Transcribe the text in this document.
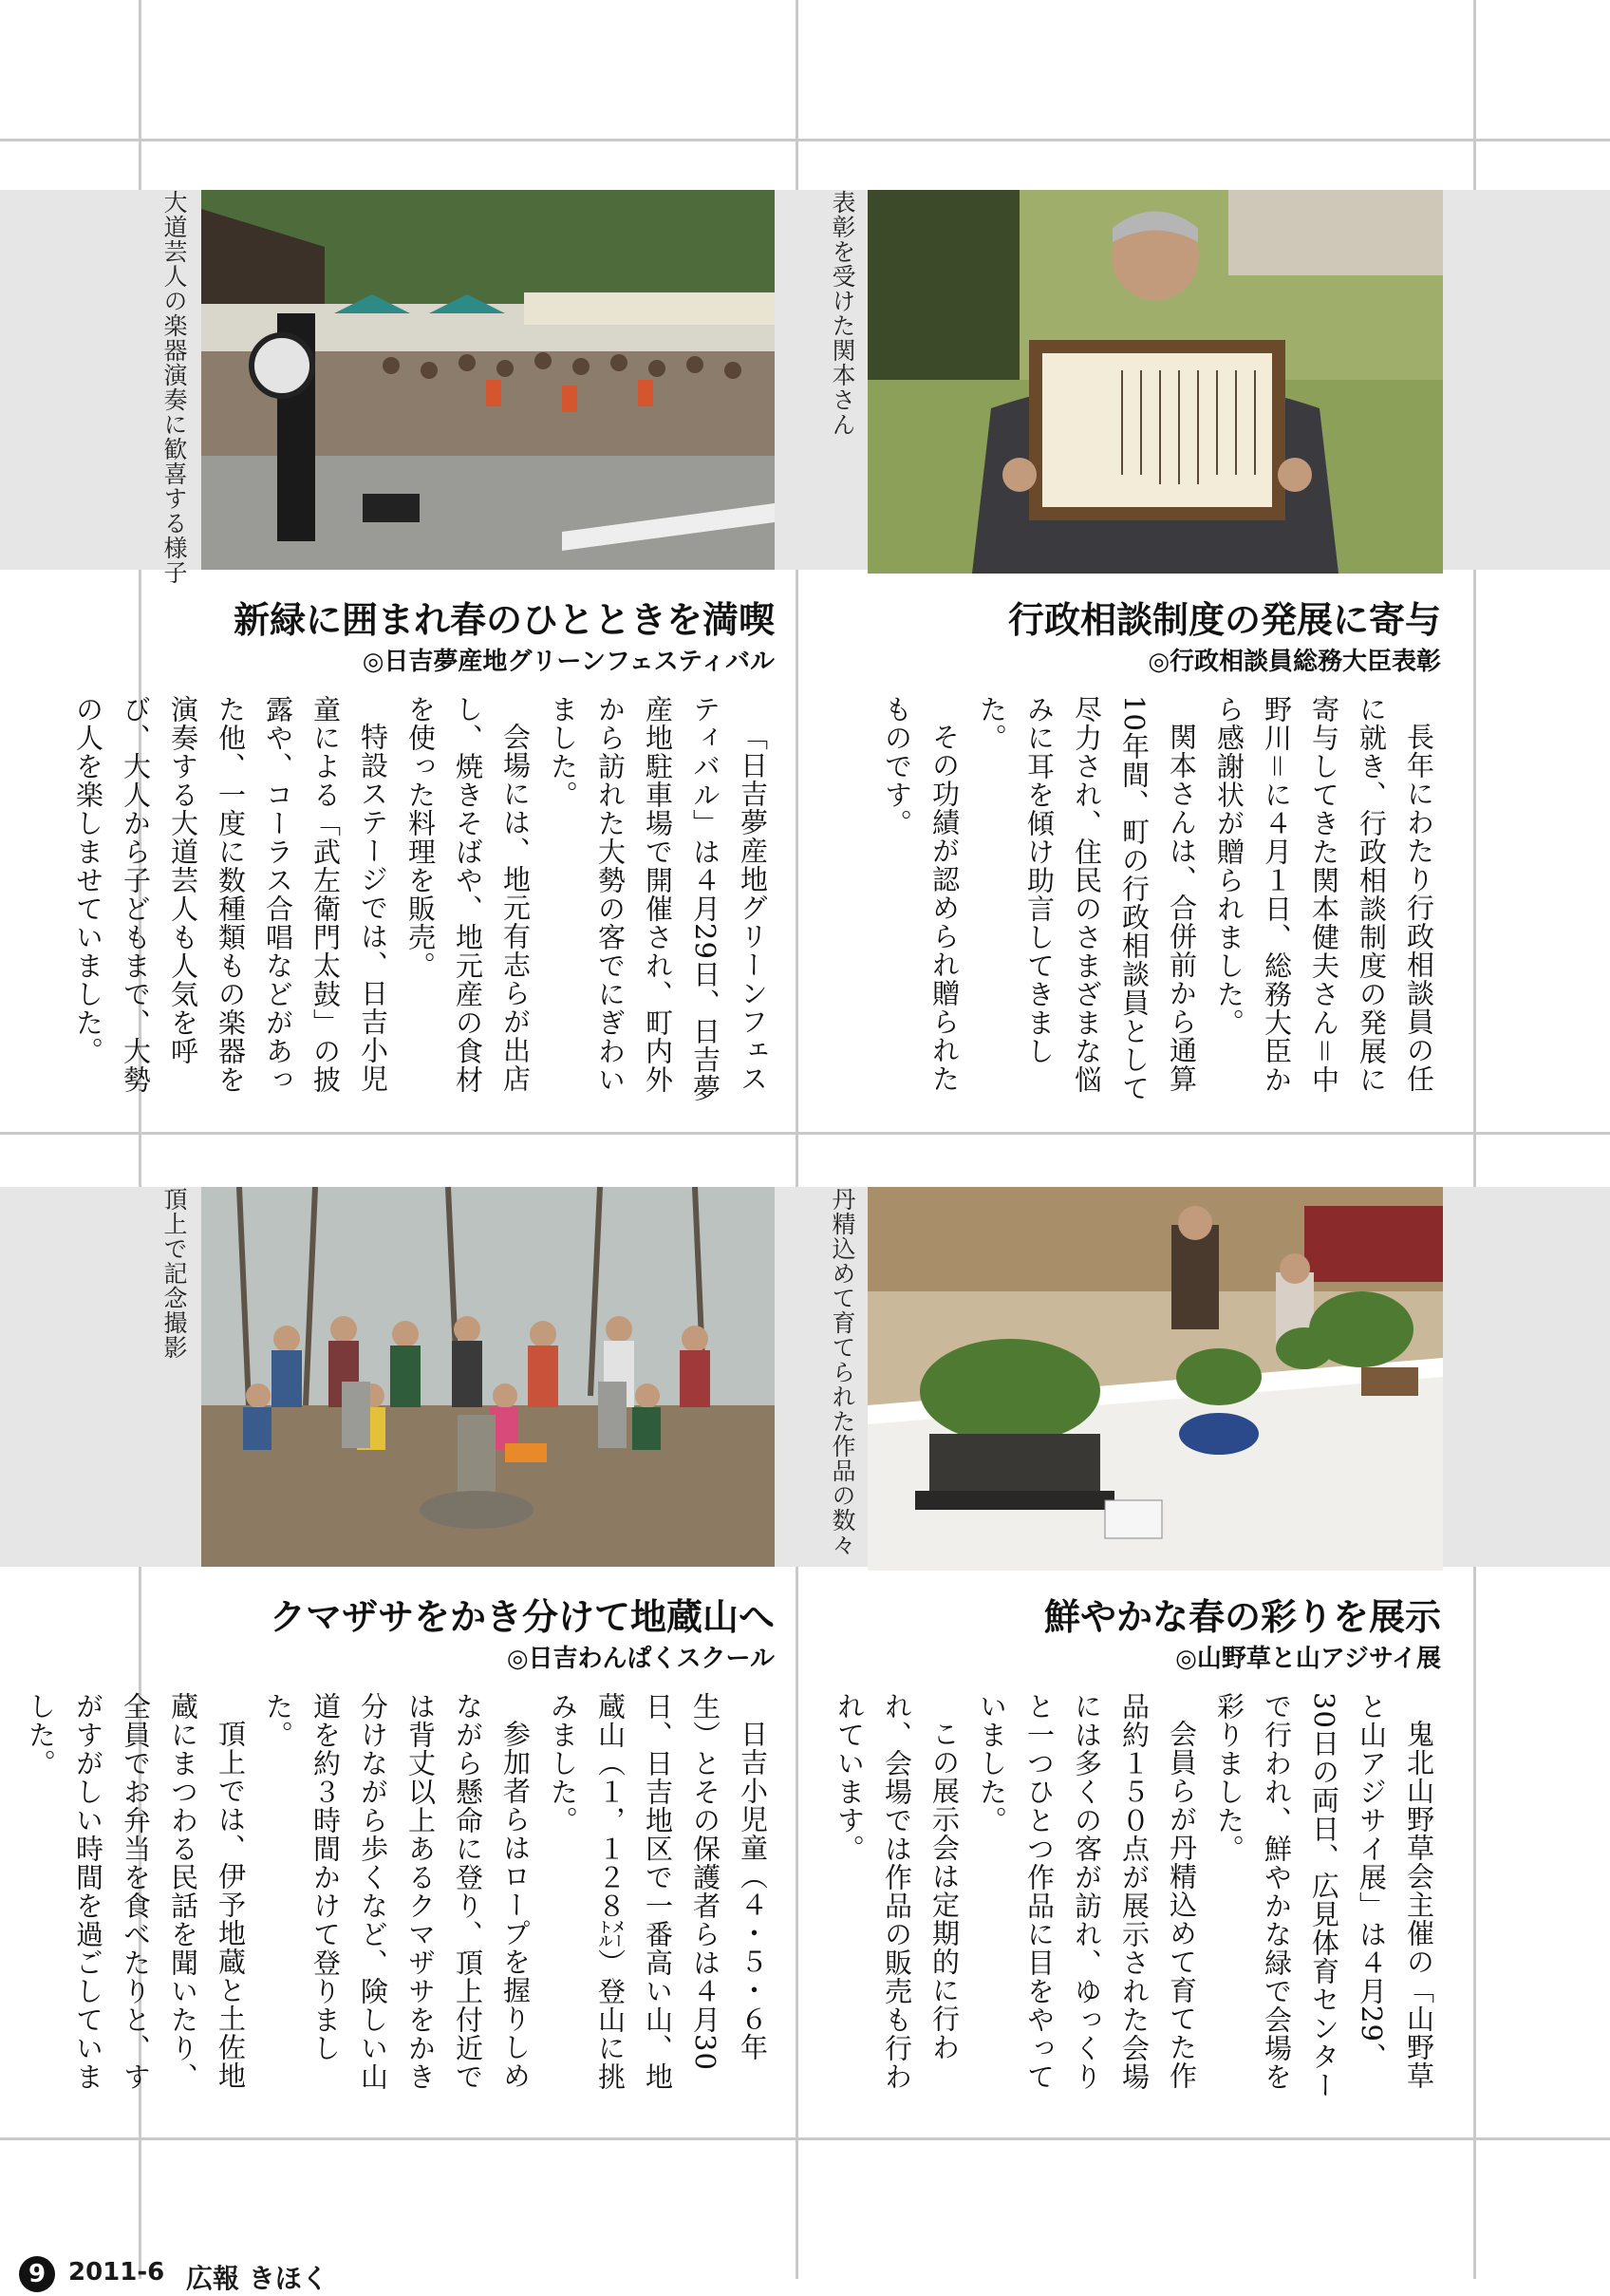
大道芸人の楽器演奏に歓喜する様子
新緑に囲まれ春のひとときを満喫
◎日吉夢産地グリーンフェスティバル

「日吉夢産地グリーンフェスティバル」は４月29日、日吉夢産地駐車場で開催され、町内外から訪れた大勢の客でにぎわいました。

会場には、地元有志らが出店し、焼きそばや、地元産の食材を使った料理を販売。

特設ステージでは、日吉小児童による「武左衛門太鼓」の披露や、コーラス合唱などがあった他、一度に数種類もの楽器を演奏する大道芸人も人気を呼び、大人から子どもまで、大勢の人を楽しませていました。

表彰を受けた関本さん
行政相談制度の発展に寄与
◎行政相談員総務大臣表彰

長年にわたり行政相談員の任に就き、行政相談制度の発展に寄与してきた関本健夫さん＝中野川＝に４月１日、総務大臣から感謝状が贈られました。

関本さんは、合併前から通算10年間、町の行政相談員として尽力され、住民のさまざまな悩みに耳を傾け助言してきました。

その功績が認められ贈られたものです。

頂上で記念撮影
クマザサをかき分けて地蔵山へ
◎日吉わんぱくスクール

日吉小児童（４・５・６年生）とその保護者らは４月30日、日吉地区で一番高い山、地蔵山（１，１２８㍍）登山に挑みました。

参加者らはロープを握りしめながら懸命に登り、頂上付近では背丈以上あるクマザサをかき分けながら歩くなど、険しい山道を約３時間かけて登りました。

頂上では、伊予地蔵と土佐地蔵にまつわる民話を聞いたり、全員でお弁当を食べたりと、すがすがしい時間を過ごしていました。

丹精込めて育てられた作品の数々
鮮やかな春の彩りを展示
◎山野草と山アジサイ展

鬼北山野草会主催の「山野草と山アジサイ展」は４月29、30日の両日、広見体育センターで行われ、鮮やかな緑で会場を彩りました。

会員らが丹精込めて育てた作品約１５０点が展示された会場には多くの客が訪れ、ゆっくりと一つひとつ作品に目をやっていました。

この展示会は定期的に行われ、会場では作品の販売も行われています。

9 2011-6 広報 きほく
